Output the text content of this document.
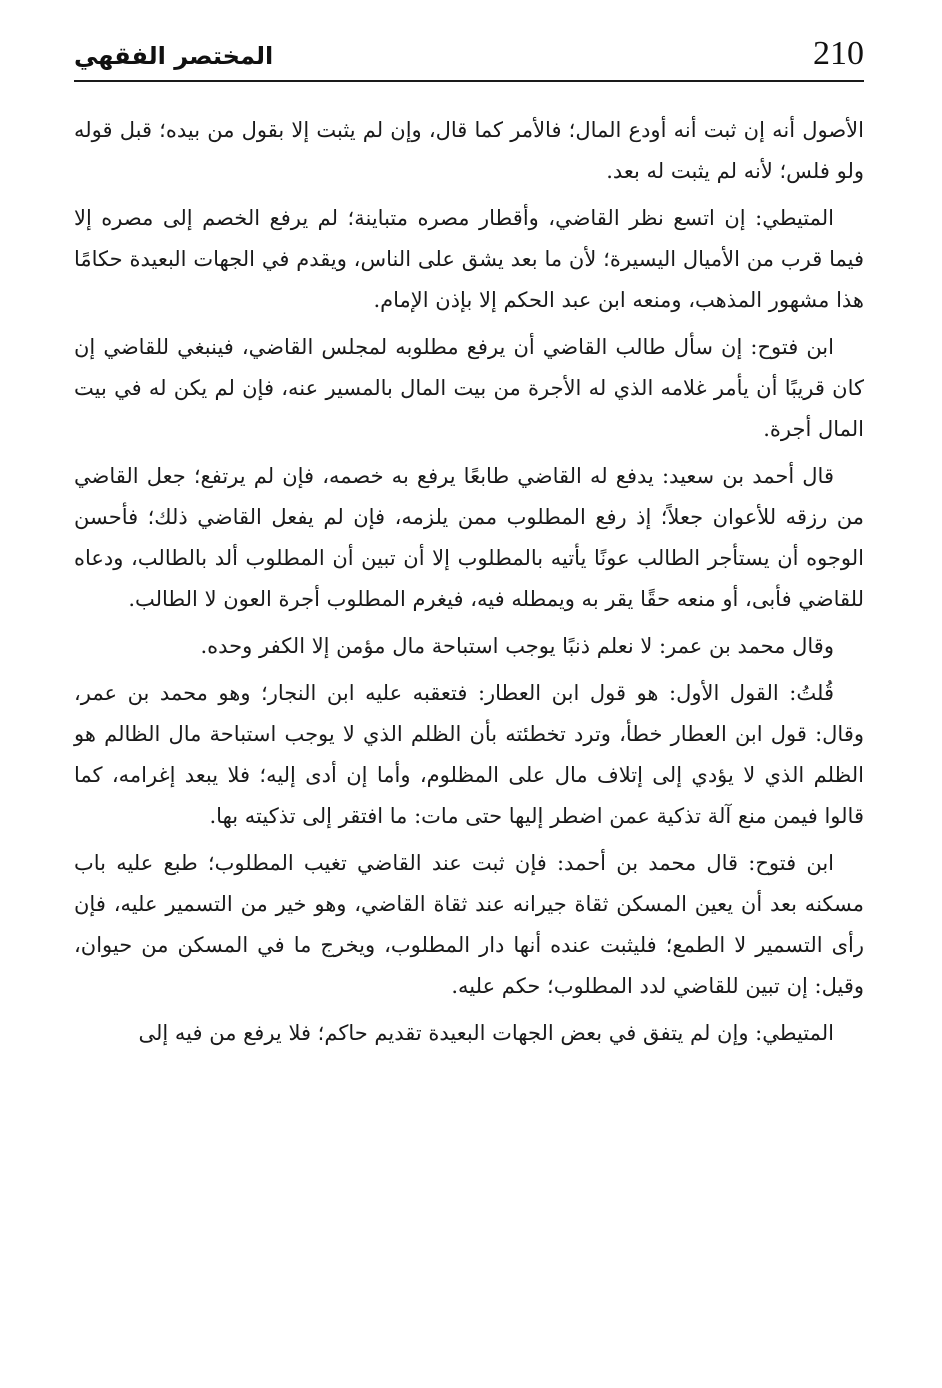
210
المختصر الفقهي

الأصول أنه إن ثبت أنه أودع المال؛ فالأمر كما قال، وإن لم يثبت إلا بقول من بيده؛ قبل قوله ولو فلس؛ لأنه لم يثبت له بعد.

المتيطي: إن اتسع نظر القاضي، وأقطار مصره متباينة؛ لم يرفع الخصم إلى مصره إلا فيما قرب من الأميال اليسيرة؛ لأن ما بعد يشق على الناس، ويقدم في الجهات البعيدة حكامًا هذا مشهور المذهب، ومنعه ابن عبد الحكم إلا بإذن الإمام.

ابن فتوح: إن سأل طالب القاضي أن يرفع مطلوبه لمجلس القاضي، فينبغي للقاضي إن كان قريبًا أن يأمر غلامه الذي له الأجرة من بيت المال بالمسير عنه، فإن لم يكن له في بيت المال أجرة.

قال أحمد بن سعيد: يدفع له القاضي طابعًا يرفع به خصمه، فإن لم يرتفع؛ جعل القاضي من رزقه للأعوان جعلاً؛ إذ رفع المطلوب ممن يلزمه، فإن لم يفعل القاضي ذلك؛ فأحسن الوجوه أن يستأجر الطالب عونًا يأتيه بالمطلوب إلا أن تبين أن المطلوب ألد بالطالب، ودعاه للقاضي فأبى، أو منعه حقًا يقر به ويمطله فيه، فيغرم المطلوب أجرة العون لا الطالب.

وقال محمد بن عمر: لا نعلم ذنبًا يوجب استباحة مال مؤمن إلا الكفر وحده.

قُلتُ: القول الأول: هو قول ابن العطار: فتعقبه عليه ابن النجار؛ وهو محمد بن عمر، وقال: قول ابن العطار خطأ، وترد تخطئته بأن الظلم الذي لا يوجب استباحة مال الظالم هو الظلم الذي لا يؤدي إلى إتلاف مال على المظلوم، وأما إن أدى إليه؛ فلا يبعد إغرامه، كما قالوا فيمن منع آلة تذكية عمن اضطر إليها حتى مات: ما افتقر إلى تذكيته بها.

ابن فتوح: قال محمد بن أحمد: فإن ثبت عند القاضي تغيب المطلوب؛ طبع عليه باب مسكنه بعد أن يعين المسكن ثقاة جيرانه عند ثقاة القاضي، وهو خير من التسمير عليه، فإن رأى التسمير لا الطمع؛ فليثبت عنده أنها دار المطلوب، ويخرج ما في المسكن من حيوان، وقيل: إن تبين للقاضي لدد المطلوب؛ حكم عليه.

المتيطي: وإن لم يتفق في بعض الجهات البعيدة تقديم حاكم؛ فلا يرفع من فيه إلى
